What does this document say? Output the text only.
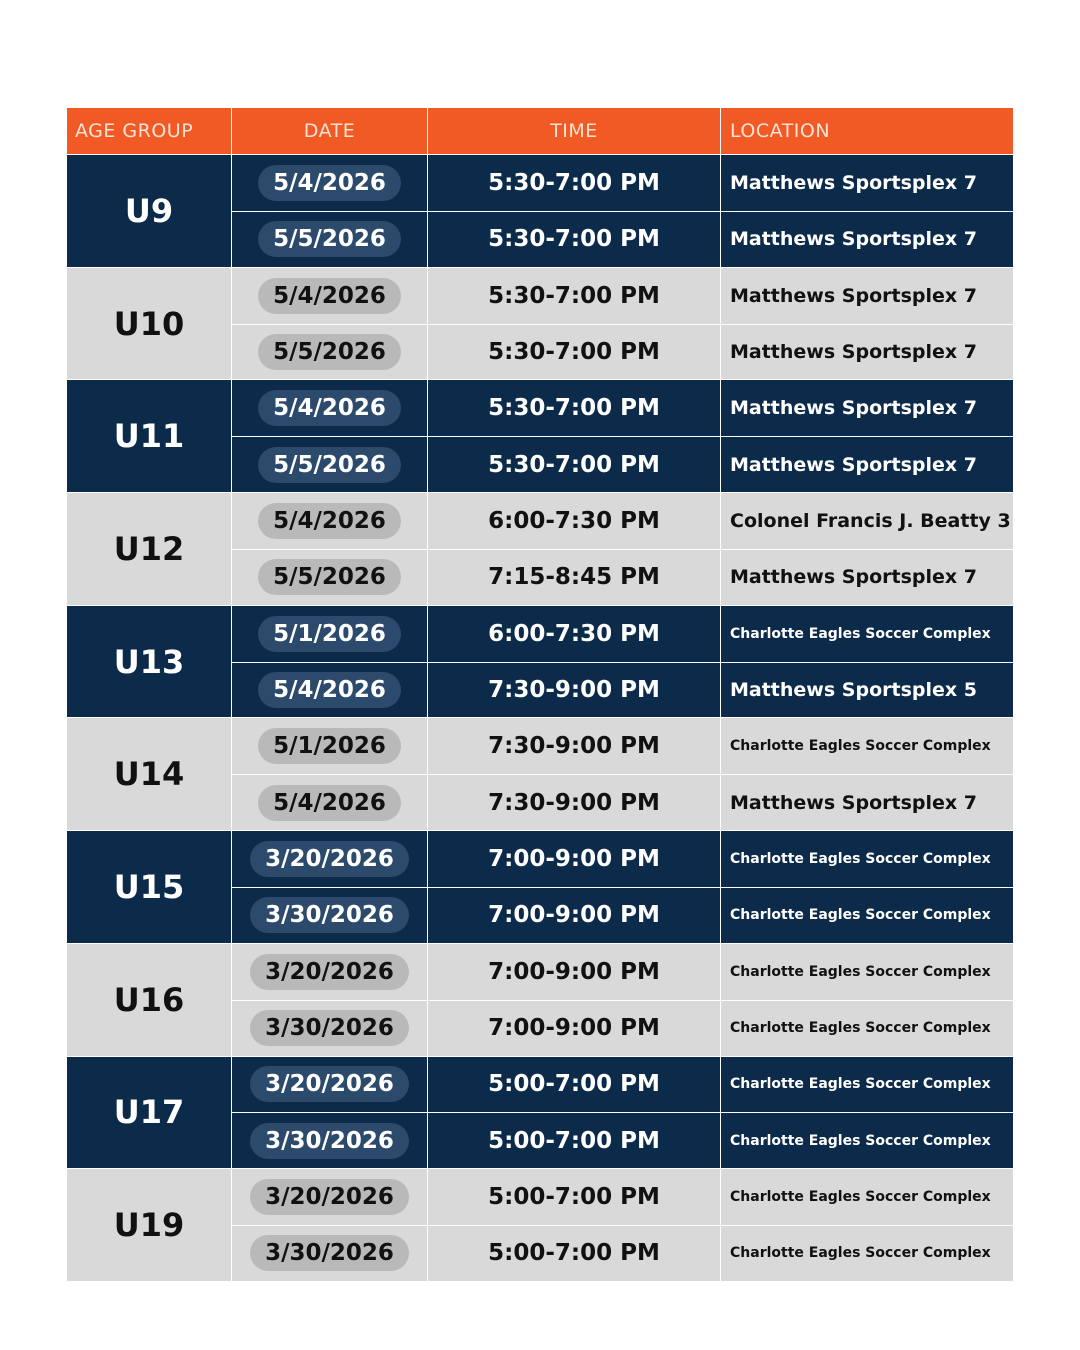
AGE GROUP	DATE	TIME	LOCATION
U9
5/4/2026	5:30-7:00 PM	Matthews Sportsplex 7
5/5/2026	5:30-7:00 PM	Matthews Sportsplex 7
U10
5/4/2026	5:30-7:00 PM	Matthews Sportsplex 7
5/5/2026	5:30-7:00 PM	Matthews Sportsplex 7
U11
5/4/2026	5:30-7:00 PM	Matthews Sportsplex 7
5/5/2026	5:30-7:00 PM	Matthews Sportsplex 7
U12
5/4/2026	6:00-7:30 PM	Colonel Francis J. Beatty 3
5/5/2026	7:15-8:45 PM	Matthews Sportsplex 7
U13
5/1/2026	6:00-7:30 PM	Charlotte Eagles Soccer Complex
5/4/2026	7:30-9:00 PM	Matthews Sportsplex 5
U14
5/1/2026	7:30-9:00 PM	Charlotte Eagles Soccer Complex
5/4/2026	7:30-9:00 PM	Matthews Sportsplex 7
U15
3/20/2026	7:00-9:00 PM	Charlotte Eagles Soccer Complex
3/30/2026	7:00-9:00 PM	Charlotte Eagles Soccer Complex
U16
3/20/2026	7:00-9:00 PM	Charlotte Eagles Soccer Complex
3/30/2026	7:00-9:00 PM	Charlotte Eagles Soccer Complex
U17
3/20/2026	5:00-7:00 PM	Charlotte Eagles Soccer Complex
3/30/2026	5:00-7:00 PM	Charlotte Eagles Soccer Complex
U19
3/20/2026	5:00-7:00 PM	Charlotte Eagles Soccer Complex
3/30/2026	5:00-7:00 PM	Charlotte Eagles Soccer Complex
